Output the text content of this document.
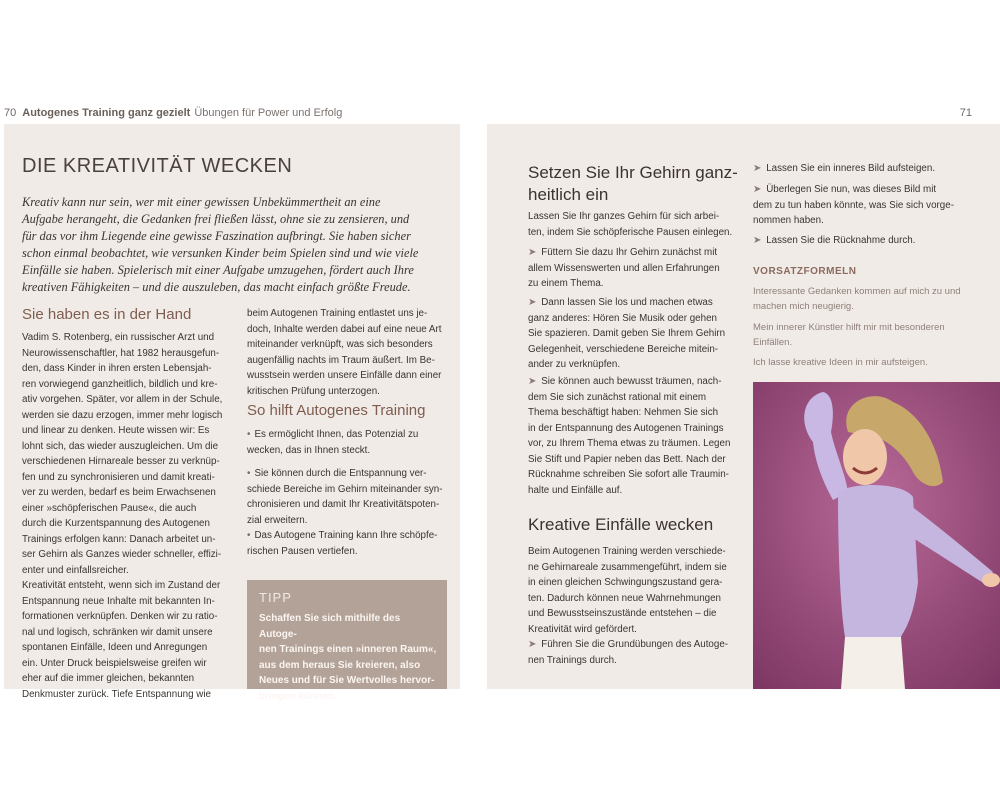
70 Autogenes Training ganz gezielt Übungen für Power und Erfolg	71
DIE KREATIVITÄT WECKEN

Kreativ kann nur sein, wer mit einer gewissen Unbekümmertheit an eine Aufgabe herangeht, die Gedanken frei fließen lässt, ohne sie zu zensieren, und für das vor ihm Liegende eine gewisse Faszination aufbringt. Sie haben sicher schon einmal beobachtet, wie versunken Kinder beim Spielen sind und wie viele Einfälle sie haben. Spielerisch mit einer Aufgabe umzugehen, fördert auch Ihre kreativen Fähigkeiten – und die auszuleben, das macht einfach größte Freude.

Sie haben es in der Hand
Vadim S. Rotenberg, ein russischer Arzt und
Neurowissenschaftler, hat 1982 herausgefun-
den, dass Kinder in ihren ersten Lebensjah-
ren vorwiegend ganzheitlich, bildlich und kre-
ativ vorgehen. Später, vor allem in der Schule,
werden sie dazu erzogen, immer mehr logisch
und linear zu denken. Heute wissen wir: Es
lohnt sich, das wieder auszugleichen. Um die
verschiedenen Hirnareale besser zu verknüp-
fen und zu synchronisieren und damit kreati-
ver zu werden, bedarf es beim Erwachsenen
einer »schöpferischen Pause«, die auch
durch die Kurzentspannung des Autogenen
Trainings erfolgen kann: Danach arbeitet un-
ser Gehirn als Ganzes wieder schneller, effizi-
enter und einfallsreicher.
Kreativität entsteht, wenn sich im Zustand der
Entspannung neue Inhalte mit bekannten In-
formationen verknüpfen. Denken wir zu ratio-
nal und logisch, schränken wir damit unsere
spontanen Einfälle, Ideen und Anregungen
ein. Unter Druck beispielsweise greifen wir
eher auf die immer gleichen, bekannten
Denkmuster zurück. Tiefe Entspannung wie
beim Autogenen Training entlastet uns je-
doch, Inhalte werden dabei auf eine neue Art
miteinander verknüpft, was sich besonders
augenfällig nachts im Traum äußert. Im Be-
wusstsein werden unsere Einfälle dann einer
kritischen Prüfung unterzogen.
So hilft Autogenes Training
• Es ermöglicht Ihnen, das Potenzial zu
wecken, das in Ihnen steckt.
• Sie können durch die Entspannung ver-
schiede Bereiche im Gehirn miteinander syn-
chronisieren und damit Ihr Kreativitätspoten-
zial erweitern.
• Das Autogene Training kann Ihre schöpfe-
rischen Pausen vertiefen.
TIPP
Schaffen Sie sich mithilfe des Autoge-
nen Trainings einen »inneren Raum«,
aus dem heraus Sie kreieren, also
Neues und für Sie Wertvolles hervor-
bringen können.
Setzen Sie Ihr Gehirn ganz-
heitlich ein
Lassen Sie Ihr ganzes Gehirn für sich arbei-
ten, indem Sie schöpferische Pausen einlegen.
➤ Füttern Sie dazu Ihr Gehirn zunächst mit
allem Wissenswerten und allen Erfahrungen
zu einem Thema.
➤ Dann lassen Sie los und machen etwas
ganz anderes: Hören Sie Musik oder gehen
Sie spazieren. Damit geben Sie Ihrem Gehirn
Gelegenheit, verschiedene Bereiche mitein-
ander zu verknüpfen.
➤ Sie können auch bewusst träumen, nach-
dem Sie sich zunächst rational mit einem
Thema beschäftigt haben: Nehmen Sie sich
in der Entspannung des Autogenen Trainings
vor, zu Ihrem Thema etwas zu träumen. Legen
Sie Stift und Papier neben das Bett. Nach der
Rücknahme schreiben Sie sofort alle Traumin-
halte und Einfälle auf.
Kreative Einfälle wecken
Beim Autogenen Training werden verschiede-
ne Gehirnareale zusammengeführt, indem sie
in einen gleichen Schwingungszustand gera-
ten. Dadurch können neue Wahrnehmungen
und Bewusstseinszustände entstehen – die
Kreativität wird gefördert.
➤ Führen Sie die Grundübungen des Autoge-
nen Trainings durch.
➤ Lassen Sie ein inneres Bild aufsteigen.
➤ Überlegen Sie nun, was dieses Bild mit
dem zu tun haben könnte, was Sie sich vorge-
nommen haben.
➤ Lassen Sie die Rücknahme durch.
VORSATZFORMELN
Interessante Gedanken kommen auf mich zu und
machen mich neugierig.
Mein innerer Künstler hilft mir mit besonderen
Einfällen.
Ich lasse kreative Ideen in mir aufsteigen.
